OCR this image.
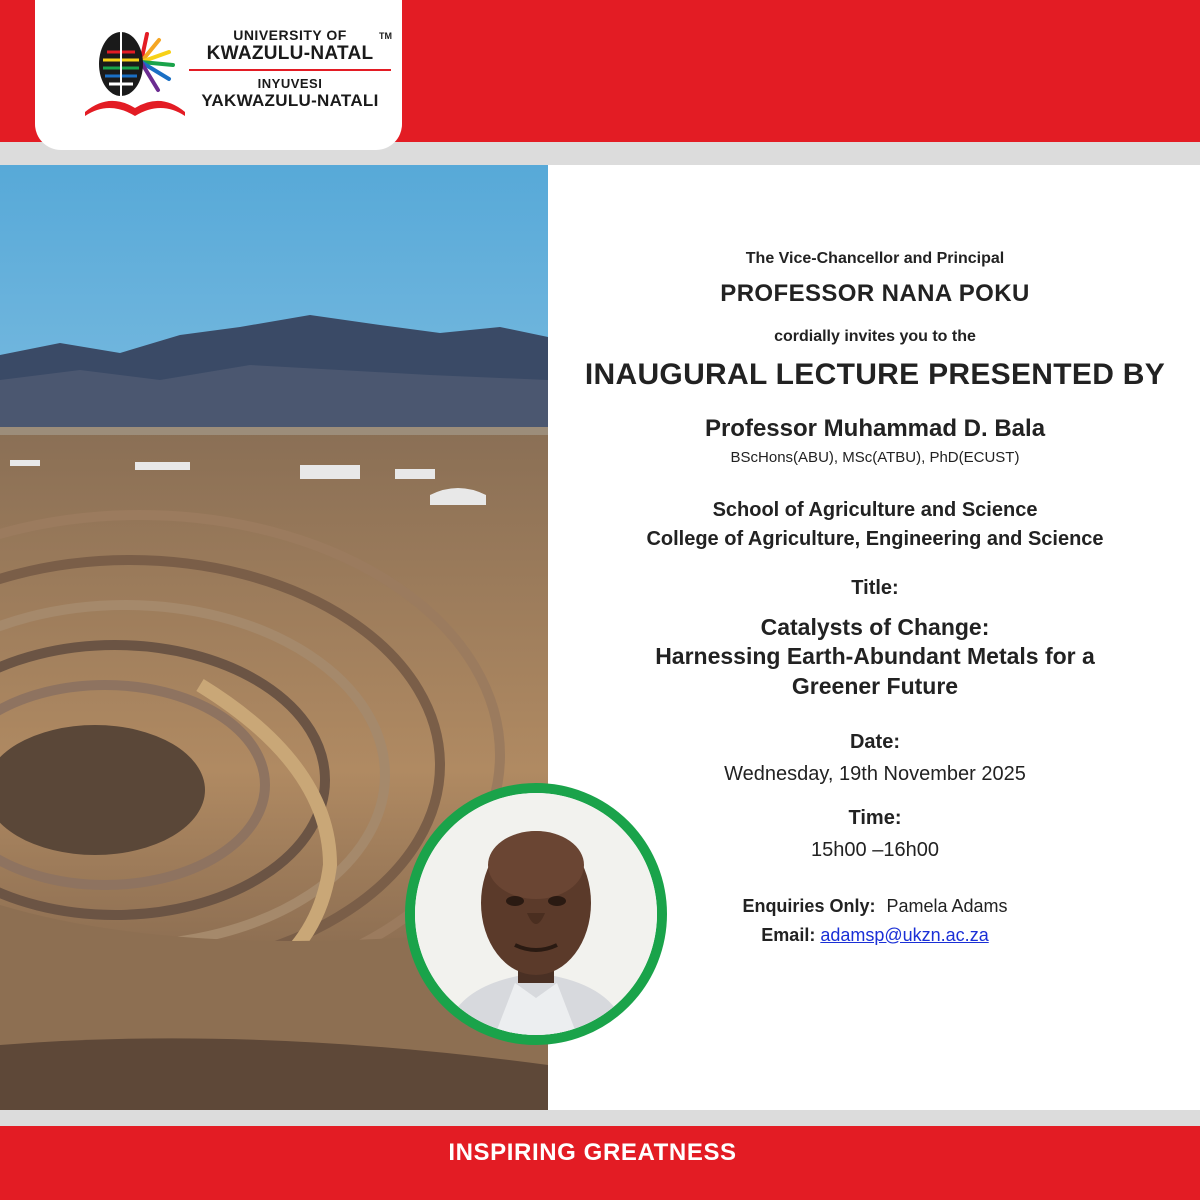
UNIVERSITY OF
KWAZULU-NATAL
INYUVESI
YAKWAZULU-NATALI
TM
The Vice-Chancellor and Principal
PROFESSOR NANA POKU
cordially invites you to the
INAUGURAL LECTURE PRESENTED BY
Professor Muhammad D. Bala
BScHons(ABU), MSc(ATBU), PhD(ECUST)
School of Agriculture and Science
College of Agriculture, Engineering and Science
Title:
Catalysts of Change:
Harnessing Earth-Abundant Metals for a
Greener Future
Date:
Wednesday, 19th November 2025
Time:
15h00 –16h00
Enquiries Only: Pamela Adams
Email: adamsp@ukzn.ac.za
INSPIRING GREATNESS
